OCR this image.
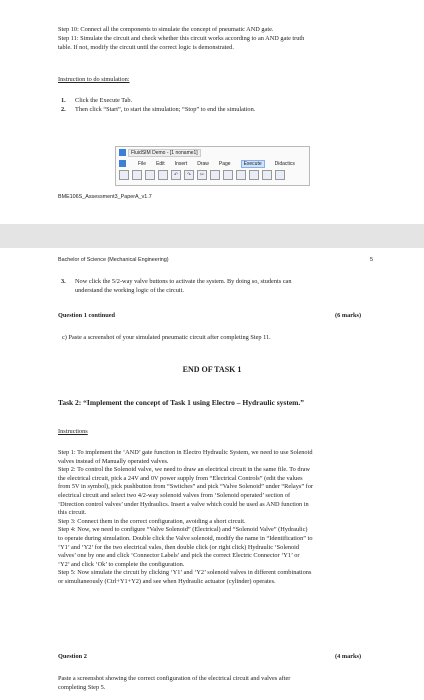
Step 10: Connect all the components to simulate the concept of pneumatic AND gate.

Step 11: Simulate the circuit and check whether this circuit works according to an AND gate truth

table. If not, modify the circuit until the correct logic is demonstrated.

Instruction to do simulation:

1. Click the Execute Tab.

2. Then click “Start”, to start the simulation; “Stop” to end the simulation.

FluidSIM Demo - [1 noname1]
File Edit Insert Draw Page	Execute	Didactics
↶	↷	✂

BME106S_Assessment3_PaperA_v1.7

Bachelor of Science (Mechanical Engineering)	5

3. Now click the 5/2-way valve buttons to activate the system. By doing so, students can

understand the working logic of the circuit.

Question 1 continued	(6 marks)

c) Paste a screenshot of your simulated pneumatic circuit after completing Step 11.

END OF TASK 1

Task 2: “Implement the concept of Task 1 using Electro – Hydraulic system.”

Instructions

Step 1: To implement the ‘AND’ gate function in Electro Hydraulic System, we need to use Solenoid

valves instead of Manually operated valves.

Step 2: To control the Solenoid valve, we need to draw an electrical circuit in the same file. To draw

the electrical circuit, pick a 24V and 0V power supply from “Electrical Controls” (edit the values

from 5V in symbol), pick pushbutton from “Switches” and pick “Valve Solenoid” under “Relays” for

electrical circuit and select two 4/2-way solenoid valves from ‘Solenoid operated’ section of

‘Direction control valves’ under Hydraulics. Insert a valve which could be used as AND function in

this circuit.

Step 3: Connect them in the correct configuration, avoiding a short circuit.

Step 4: Now, we need to configure “Valve Solenoid” (Electrical) and “Solenoid Valve” (Hydraulic)

to operate during simulation. Double click the Valve solenoid, modify the name in “Identification” to

‘Y1’ and ‘Y2’ for the two electrical vales, then double click (or right click) Hydraulic ‘Solenoid

valves’ one by one and click ‘Connector Labels’ and pick the correct Electric Connector ‘Y1’ or

‘Y2’ and click ‘Ok’ to complete the configuration.

Step 5: Now simulate the circuit by clicking ‘Y1’ and ‘Y2’ solenoid valves in different combinations

or simultaneously (Ctrl+Y1+Y2) and see when Hydraulic actuator (cylinder) operates.

Question 2	(4 marks)

Paste a screenshot showing the correct configuration of the electrical circuit and valves after

completing Step 5.
